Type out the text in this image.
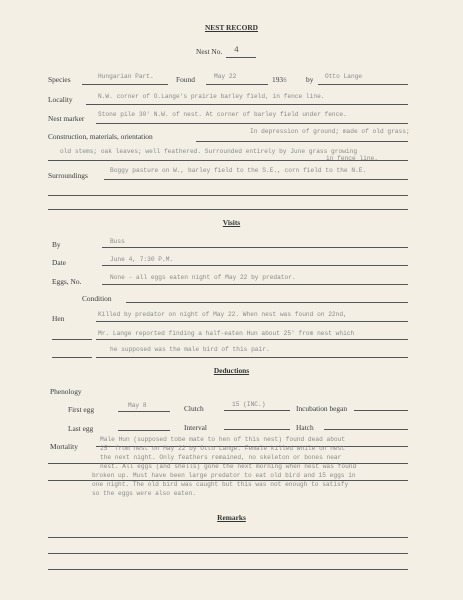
NEST RECORD
Nest No. 4
Species	Hungarian Part.	Found	May 22	1936	by Otto Lange
Locality	N.W. corner of O.Lange's prairie barley field, in fence line.
Nest marker Stone pile 30' N.W. of nest. At corner of barley field under fence.
Construction, materials, orientation
In depression of ground; made of old grass;
old stems; oak leaves; well feathered. Surrounded entirely by June grass growing
in fence line.
Surroundings
Boggy pasture on W., barley field to the S.E., corn field to the N.E.
Visits
By	Buss
Date	June 4, 7:30 P.M.
Eggs, No.	None - all eggs eaten night of May 22 by predator.
Condition
Hen	Killed by predator on night of May 22. When nest was found on 22nd,
Mr. Lange reported finding a half-eaten Hun about 25' from nest which
he supposed was the male bird of this pair.
Deductions
Phenology
First egg	May 8	Clutch	15 (INC.)	Incubation began
Last egg	Interval	Hatch
Mortality
Male Hun (supposed tobe mate to hen of this nest) found dead about
25' from nest on May 22 by Otto Lange. Female killed while on nest
the next night. Only feathers remained, no skeleton or bones near
nest. All eggs (and shells) gone the next morning when nest was found
broken up. Must have been large predator to eat old bird and 15 eggs in
one night. The old bird was caught but this was not enough to satisfy
so the eggs were also eaten.
Remarks
